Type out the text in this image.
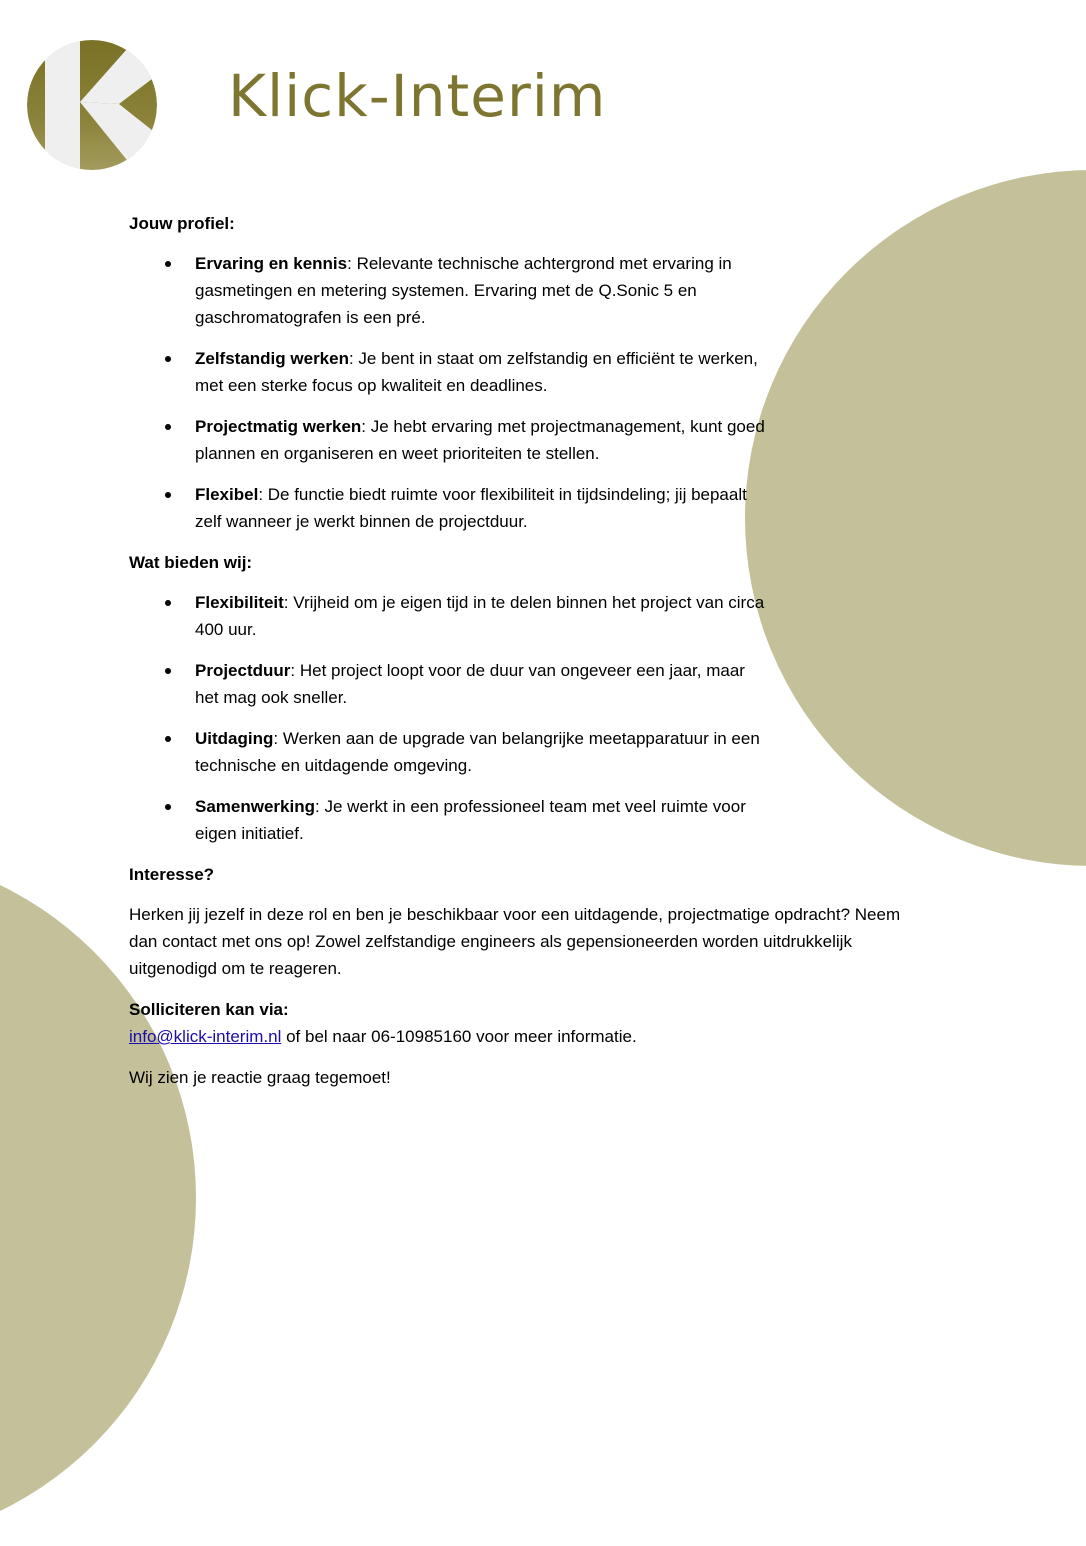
Klick-Interim
Jouw profiel:
Ervaring en kennis: Relevante technische achtergrond met ervaring in gasmetingen en metering systemen. Ervaring met de Q.Sonic 5 en gaschromatografen is een pré.
Zelfstandig werken: Je bent in staat om zelfstandig en efficiënt te werken, met een sterke focus op kwaliteit en deadlines.
Projectmatig werken: Je hebt ervaring met projectmanagement, kunt goed plannen en organiseren en weet prioriteiten te stellen.
Flexibel: De functie biedt ruimte voor flexibiliteit in tijdsindeling; jij bepaalt zelf wanneer je werkt binnen de projectduur.
Wat bieden wij:
Flexibiliteit: Vrijheid om je eigen tijd in te delen binnen het project van circa 400 uur.
Projectduur: Het project loopt voor de duur van ongeveer een jaar, maar het mag ook sneller.
Uitdaging: Werken aan de upgrade van belangrijke meetapparatuur in een technische en uitdagende omgeving.
Samenwerking: Je werkt in een professioneel team met veel ruimte voor eigen initiatief.
Interesse?

Herken jij jezelf in deze rol en ben je beschikbaar voor een uitdagende, projectmatige opdracht? Neem dan contact met ons op! Zowel zelfstandige engineers als gepensioneerden worden uitdrukkelijk uitgenodigd om te reageren.

Solliciteren kan via:
info@klick-interim.nl of bel naar 06-10985160 voor meer informatie.

Wij zien je reactie graag tegemoet!
